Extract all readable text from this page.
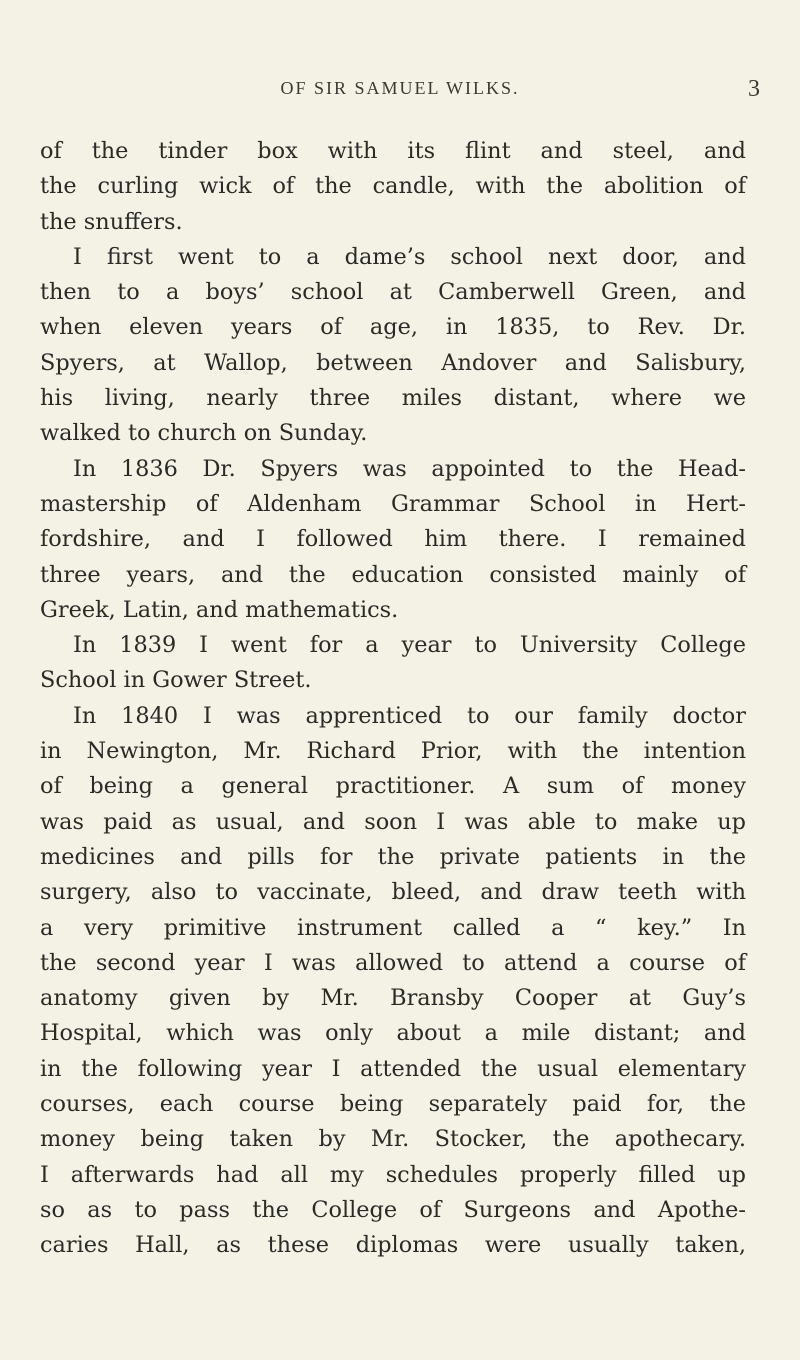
OF SIR SAMUEL WILKS.	3
of the tinder box with its flint and steel, and
the curling wick of the candle, with the abolition of
the snuffers.
I first went to a dame’s school next door, and
then to a boys’ school at Camberwell Green, and
when eleven years of age, in 1835, to Rev. Dr.
Spyers, at Wallop, between Andover and Salisbury,
his living, nearly three miles distant, where we
walked to church on Sunday.
In 1836 Dr. Spyers was appointed to the Head-
mastership of Aldenham Grammar School in Hert-
fordshire, and I followed him there. I remained
three years, and the education consisted mainly of
Greek, Latin, and mathematics.
In 1839 I went for a year to University College
School in Gower Street.
In 1840 I was apprenticed to our family doctor
in Newington, Mr. Richard Prior, with the intention
of being a general practitioner. A sum of money
was paid as usual, and soon I was able to make up
medicines and pills for the private patients in the
surgery, also to vaccinate, bleed, and draw teeth with
a very primitive instrument called a “ key.” In
the second year I was allowed to attend a course of
anatomy given by Mr. Bransby Cooper at Guy’s
Hospital, which was only about a mile distant; and
in the following year I attended the usual elementary
courses, each course being separately paid for, the
money being taken by Mr. Stocker, the apothecary.
I afterwards had all my schedules properly filled up
so as to pass the College of Surgeons and Apothe-
caries Hall, as these diplomas were usually taken,
